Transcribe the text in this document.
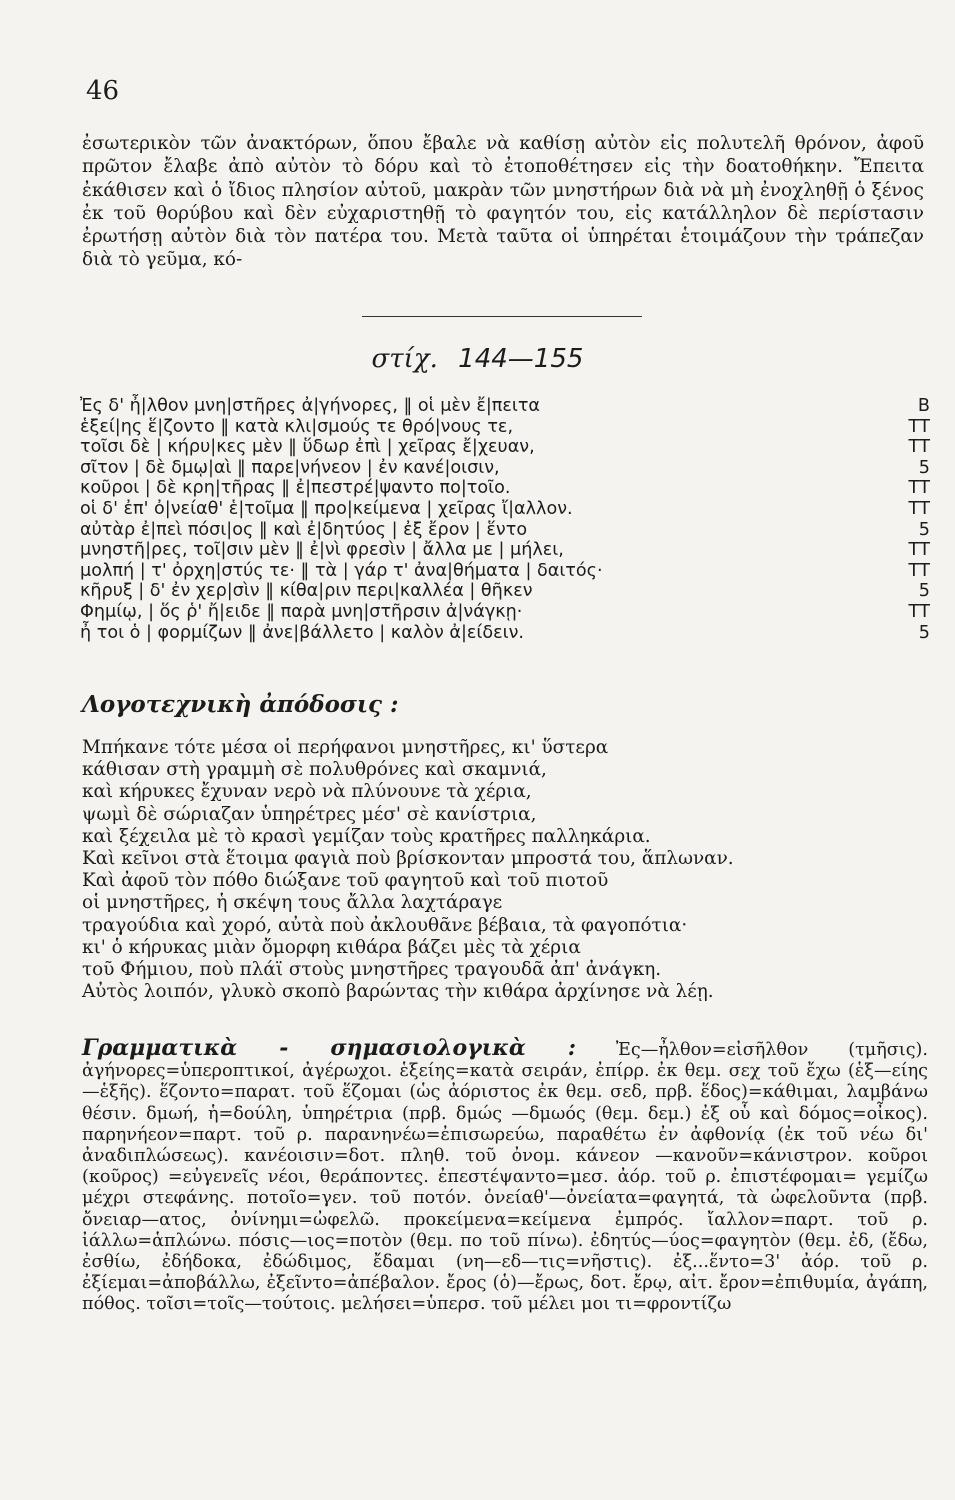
46

ἐσωτερικὸν τῶν ἀνακτόρων, ὅπου ἔβαλε νὰ καθίσῃ αὐτὸν εἰς πολυτελῆ θρόνον, ἀφοῦ πρῶτον ἔλαβε ἀπὸ αὐτὸν τὸ δόρυ καὶ τὸ ἐτοποθέτησεν εἰς τὴν δοατοθήκην. Ἔπειτα ἐκάθισεν καὶ ὁ ἴδιος πλησίον αὐτοῦ, μακρὰν τῶν μνηστήρων διὰ νὰ μὴ ἐνοχληθῇ ὁ ξένος ἐκ τοῦ θορύβου καὶ δὲν εὐχαριστηθῇ τὸ φαγητόν του, εἰς κατάλληλον δὲ περίστασιν ἐρωτήσῃ αὐτὸν διὰ τὸν πατέρα του. Μετὰ ταῦτα οἱ ὑπηρέται ἑτοιμάζουν τὴν τράπεζαν διὰ τὸ γεῦμα, κό-

στίχ. 144—155
Ἐς δ' ἦ|λθον μνη|στῆρες ἀ|γήνορες, ‖ οἱ μὲν ἔ|πειτα	Β
ἑξεί|ης ἕ|ζοντο ‖ κατὰ κλι|σμούς τε θρό|νους τε,	ΤΤ
τοῖσι δὲ | κήρυ|κες μὲν ‖ ὕδωρ ἐπὶ | χεῖρας ἔ|χευαν,	ΤΤ
σῖτον | δὲ δμῳ|αὶ ‖ παρε|νήνεον | ἐν κανέ|οισιν,	5
κοῦροι | δὲ κρη|τῆρας ‖ ἐ|πεστρέ|ψαντο πο|τοῖο.	ΤΤ
οἱ δ' ἐπ' ὀ|νείαθ' ἑ|τοῖμα ‖ προ|κείμενα | χεῖρας ἴ|αλλον.	ΤΤ
αὐτὰρ ἐ|πεὶ πόσι|ος ‖ καὶ ἐ|δητύος | ἐξ ἔρον | ἕντο	5
μνηστῆ|ρες, τοῖ|σιν μὲν ‖ ἐ|νὶ φρεσὶν | ἄλλα με | μήλει,	ΤΤ
μολπή | τ' ὀρχη|στύς τε· ‖ τὰ | γάρ τ' ἀνα|θήματα | δαιτός·	ΤΤ
κῆρυξ | δ' ἐν χερ|σὶν ‖ κίθα|ριν περι|καλλέα | θῆκεν	5
Φημίῳ, | ὅς ῥ' ἤ|ειδε ‖ παρὰ μνη|στῆρσιν ἀ|νάγκῃ·	ΤΤ
ἦ τοι ὁ | φορμίζων ‖ ἀνε|βάλλετο | καλὸν ἀ|είδειν.	5
Λογοτεχνικὴ ἀπόδοσις :

Μπήκανε τότε μέσα οἱ περήφανοι μνηστῆρες, κι' ὕστερα

κάθισαν στὴ γραμμὴ σὲ πολυθρόνες καὶ σκαμνιά,

καὶ κήρυκες ἔχυναν νερὸ νὰ πλύνουνε τὰ χέρια,

ψωμὶ δὲ σώριαζαν ὑπηρέτρες μέσ' σὲ κανίστρια,

καὶ ξέχειλα μὲ τὸ κρασὶ γεμίζαν τοὺς κρατῆρες παλληκάρια.

Καὶ κεῖνοι στὰ ἕτοιμα φαγιὰ ποὺ βρίσκονταν μπροστά του, ἅπλωναν.

Καὶ ἀφοῦ τὸν πόθο διώξανε τοῦ φαγητοῦ καὶ τοῦ πιοτοῦ

οἱ μνηστῆρες, ἡ σκέψη τους ἄλλα λαχτάραγε

τραγούδια καὶ χορό, αὐτὰ ποὺ ἀκλουθᾶνε βέβαια, τὰ φαγοπότια·

κι' ὁ κήρυκας μιὰν ὄμορφη κιθάρα βάζει μὲς τὰ χέρια

τοῦ Φήμιου, ποὺ πλάϊ στοὺς μνηστῆρες τραγουδᾶ ἀπ' ἀνάγκη.

Αὐτὸς λοιπόν, γλυκὸ σκοπὸ βαρώντας τὴν κιθάρα ἀρχίνησε νὰ λέῃ.

Γραμματικὰ - σημασιολογικὰ : Ἐς—ἦλθον=εἰσῆλθον (τμῆσις). ἀγήνορες=ὑπεροπτικοί, ἀγέρωχοι. ἑξείης=κατὰ σειράν, ἐπίρρ. ἐκ θεμ. σεχ τοῦ ἔχω (ἑξ—είης—ἑξῆς). ἕζοντο=παρατ. τοῦ ἕζομαι (ὡς ἀόριστος ἐκ θεμ. σεδ, πρβ. ἕδος)=κάθιμαι, λαμβάνω θέσιν. δμωή, ἡ=δούλη, ὑπηρέτρια (πρβ. δμώς —δμωός (θεμ. δεμ.) ἐξ οὗ καὶ δόμος=οἶκος). παρηνήεον=παρτ. τοῦ ρ. παρανηνέω=ἐπισωρεύω, παραθέτω ἐν ἀφθονίᾳ (ἐκ τοῦ νέω δι' ἀναδιπλώσεως). κανέοισιν=δοτ. πληθ. τοῦ ὀνομ. κάνεον —κανοῦν=κάνιστρον. κοῦροι (κοῦρος) =εὐγενεῖς νέοι, θεράποντες. ἐπεστέψαντο=μεσ. ἀόρ. τοῦ ρ. ἐπιστέφομαι= γεμίζω μέχρι στεφάνης. ποτοῖο=γεν. τοῦ ποτόν. ὀνείαθ'—ὀνείατα=φαγητά, τὰ ὠφελοῦντα (πρβ. ὄνειαρ—ατος, ὀνίνημι=ὠφελῶ. προκείμενα=κείμενα ἐμπρός. ἴαλλον=παρτ. τοῦ ρ. ἰάλλω=ἁπλώνω. πόσις—ιος=ποτὸν (θεμ. πο τοῦ πίνω). ἐδητύς—ύος=φαγητὸν (θεμ. ἐδ, (ἔδω, ἐσθίω, ἐδήδοκα, ἐδώδιμος, ἔδαμαι (νη—εδ—τις=νῆστις). ἐξ...ἕντο=3' ἀόρ. τοῦ ρ. ἐξίεμαι=ἀποβάλλω, ἐξεῖντο=ἀπέβαλον. ἔρος (ὁ)—ἔρως, δοτ. ἔρῳ, αἰτ. ἔρον=ἐπιθυμία, ἀγάπη, πόθος. τοῖσι=τοῖς—τούτοις. μελήσει=ὑπερσ. τοῦ μέλει μοι τι=φροντίζω
